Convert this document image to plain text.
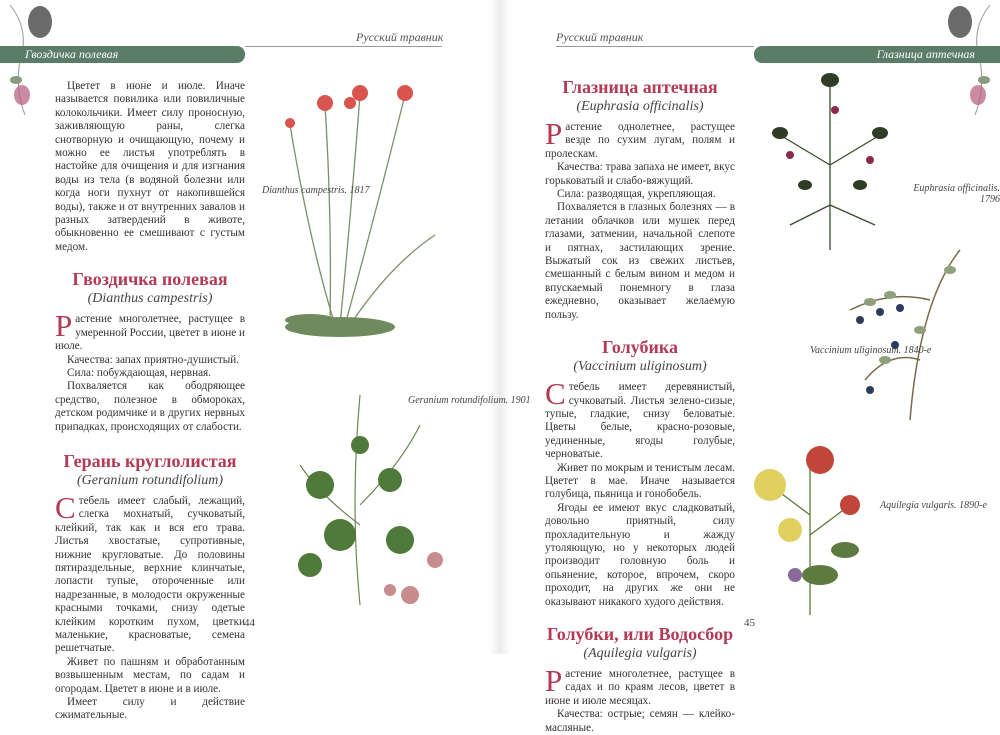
Русский травник
Гвоздичка полевая
Русский травник
Глазница аптечная

Цветет в июне и июле. Иначе называется повилика или повиличные колокольчики. Имеет силу проносную, заживляющую раны, слегка снотворную и очищающую, почему и можно ее листья употреблять в настойке для очищения и для изгнания воды из тела (в водяной болезни или когда ноги пухнут от накопившейся воды), также и от внутренних завалов и разных затвердений в животе, обыкновенно ее смешивают с густым медом.

Гвоздичка полевая
(Dianthus campestris)

Растение многолетнее, растущее в умеренной России, цветет в июне и июле.

Качества: запах приятно-душистый.

Сила: побуждающая, нервная.

Похваляется как ободряющее средство, полезное в обмороках, детском родимчике и в других нервных припадках, происходящих от слабости.

Герань круглолистая
(Geranium rotundifolium)

Стебель имеет слабый, лежащий, слегка мохнатый, сучковатый, клейкий, так как и вся его трава. Листья хвостатые, супротивные, нижние кругловатые. До половины пятираздельные, верхние клинчатые, лопасти тупые, отороченные или надрезанные, в молодости окруженные красными точками, снизу одетые клейким коротким пухом, цветки маленькие, красноватые, семена решетчатые.

Живет по пашням и обработанным возвышенным местам, по садам и огородам. Цветет в июне и в июле.

Имеет силу и действие сжимательные.

Глазница аптечная
(Euphrasia officinalis)

Растение однолетнее, растущее везде по сухим лугам, полям и пролескам.

Качества: трава запаха не имеет, вкус горьковатый и слабо-вяжущий.

Сила: разводящая, укрепляющая.

Похваляется в глазных болезнях — в летании облачков или мушек перед глазами, затмении, начальной слепоте и пятнах, застилающих зрение. Выжатый сок из свежих листьев, смешанный с белым вином и медом и впускаемый понемногу в глаза ежедневно, оказывает желаемую пользу.

Голубика
(Vaccinium uliginosum)

Стебель имеет деревянистый, сучковатый. Листья зелено-сизые, тупые, гладкие, снизу беловатые. Цветы белые, красно-розовые, уединенные, ягоды голубые, черноватые.

Живет по мокрым и тенистым лесам. Цветет в мае. Иначе называется голубица, пьяница и гонобобель.

Ягоды ее имеют вкус сладковатый, довольно приятный, силу прохладительную и жажду утоляющую, но у некоторых людей производит головную боль и опьянение, которое, впрочем, скоро проходит, на других же они не оказывают никакого худого действия.

Голубки, или Водосбор
(Aquilegia vulgaris)

Растение многолетнее, растущее в садах и по краям лесов, цветет в июне и июле месяцах.

Качества: острые; семян — клейко-масляные.

Dianthus campestris. 1817
Geranium rotundifolium. 1901
Euphrasia officinalis. 1796
Vaccinium uliginosum. 1840-е
Aquilegia vulgaris. 1890-е
44	45
